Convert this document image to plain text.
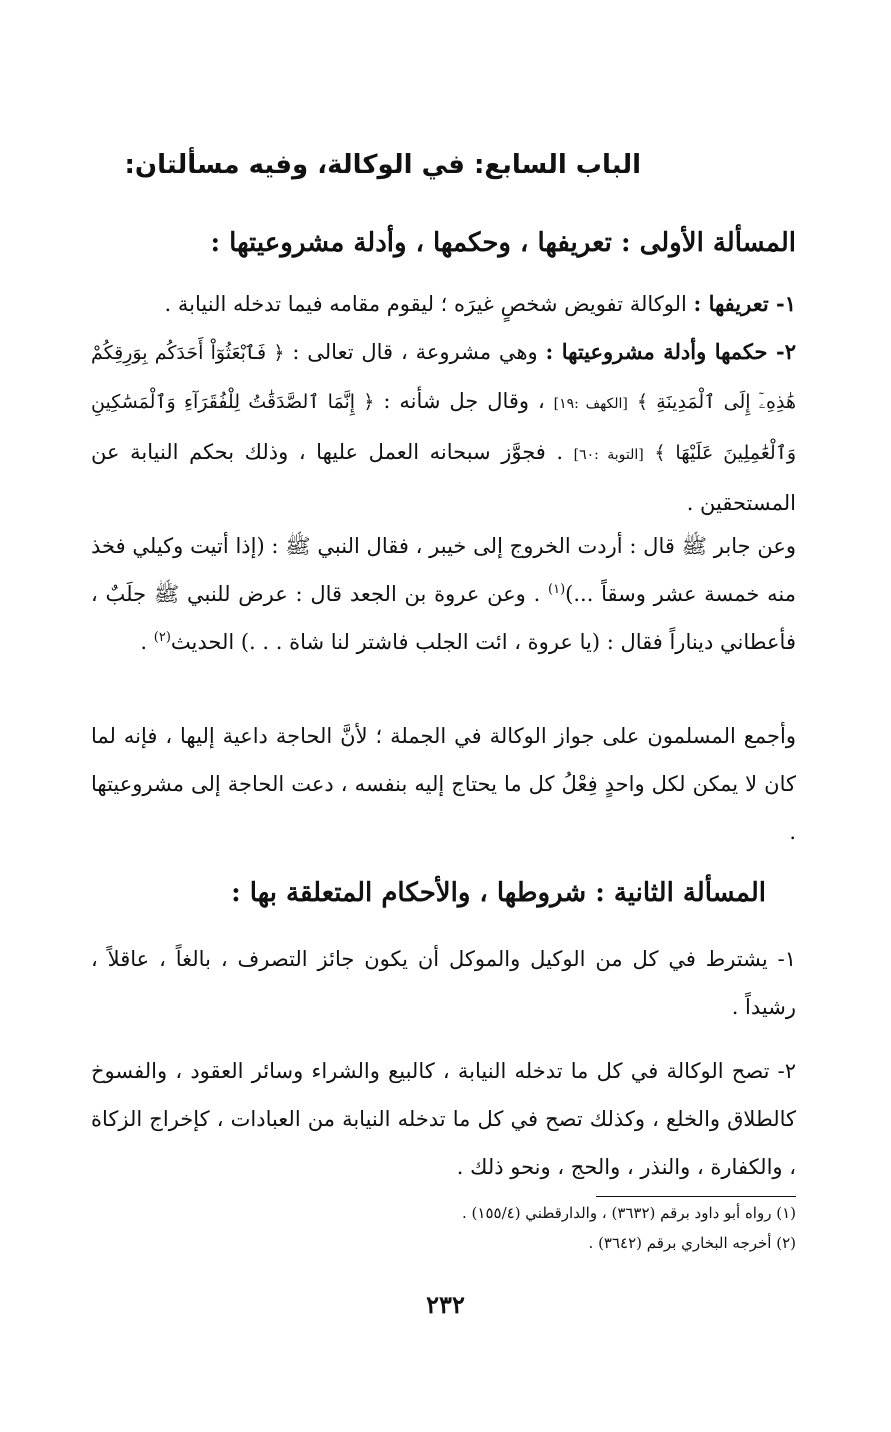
الباب السابع: في الوكالة، وفيه مسألتان:
المسألة الأولى : تعريفها ، وحكمها ، وأدلة مشروعيتها :
١- تعريفها : الوكالة تفويض شخصٍ غيرَه ؛ ليقوم مقامه فيما تدخله النيابة .
٢- حكمها وأدلة مشروعيتها : وهي مشروعة ، قال تعالى : ﴿ فَٱبْعَثُوٓاْ أَحَدَكُم بِوَرِقِكُمْ هَٰذِهِۦٓ إِلَى ٱلْمَدِينَةِ ﴾ [الكهف :١٩] ، وقال جل شأنه : ﴿ إِنَّمَا ٱلصَّدَقَٰتُ لِلْفُقَرَآءِ وَٱلْمَسَٰكِينِ وَٱلْعَٰمِلِينَ عَلَيْهَا ﴾ [التوبة :٦٠] . فجوَّز سبحانه العمل عليها ، وذلك بحكم النيابة عن المستحقين .
وعن جابر ﷺ قال : أردت الخروج إلى خيبر ، فقال النبي ﷺ : (إذا أتيت وكيلي فخذ منه خمسة عشر وسقاً ...)$^{(١)}$ . وعن عروة بن الجعد قال : عرض للنبي ﷺ جلَبٌ ، فأعطاني ديناراً فقال : (يا عروة ، ائت الجلب فاشتر لنا شاة . . .) الحديث$^{(٢)}$ .
وأجمع المسلمون على جواز الوكالة في الجملة ؛ لأنَّ الحاجة داعية إليها ، فإنه لما كان لا يمكن لكل واحدٍ فِعْلُ كل ما يحتاج إليه بنفسه ، دعت الحاجة إلى مشروعيتها .
المسألة الثانية : شروطها ، والأحكام المتعلقة بها :
١- يشترط في كل من الوكيل والموكل أن يكون جائز التصرف ، بالغاً ، عاقلاً ، رشيداً .
٢- تصح الوكالة في كل ما تدخله النيابة ، كالبيع والشراء وسائر العقود ، والفسوخ كالطلاق والخلع ، وكذلك تصح في كل ما تدخله النيابة من العبادات ، كإخراج الزكاة ، والكفارة ، والنذر ، والحج ، ونحو ذلك .
(١) رواه أبو داود برقم (٣٦٣٢) ، والدارقطني (١٥٥/٤) .
(٢) أخرجه البخاري برقم (٣٦٤٢) .
٢٣٢
